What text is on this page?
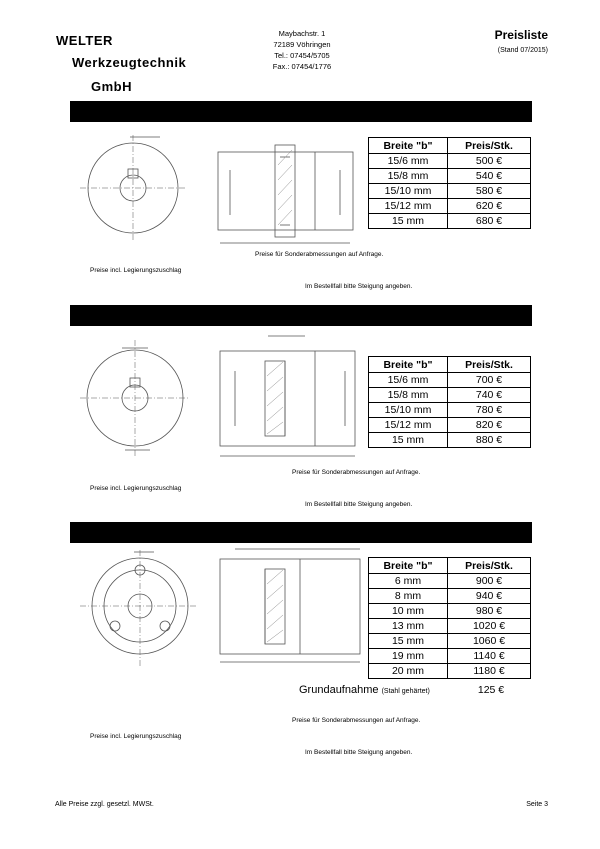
WELTER
Werkzeugtechnik
GmbH
Maybachstr. 1
72189 Vöhringen
Tel.: 07454/5705
Fax.: 07454/1776
Preisliste
(Stand 07/2015)
Breite "b"	Preis/Stk.
15/6 mm	500 €
15/8 mm	540 €
15/10 mm	580 €
15/12 mm	620 €
15 mm	680 €
Preise für Sonderabmessungen auf Anfrage.
Preise incl. Legierungszuschlag
Im Bestellfall bitte Steigung angeben.
Breite "b"	Preis/Stk.
15/6 mm	700 €
15/8 mm	740 €
15/10 mm	780 €
15/12 mm	820 €
15 mm	880 €
Preise für Sonderabmessungen auf Anfrage.
Preise incl. Legierungszuschlag
Im Bestellfall bitte Steigung angeben.
Breite "b"	Preis/Stk.
6 mm	900 €
8 mm	940 €
10 mm	980 €
13 mm	1020 €
15 mm	1060 €
19 mm	1140 €
20 mm	1180 €
Grundaufnahme (Stahl gehärtet)	125 €
Preise für Sonderabmessungen auf Anfrage.
Preise incl. Legierungszuschlag
Im Bestellfall bitte Steigung angeben.
Alle Preise zzgl. gesetzl. MWSt.	Seite 3
